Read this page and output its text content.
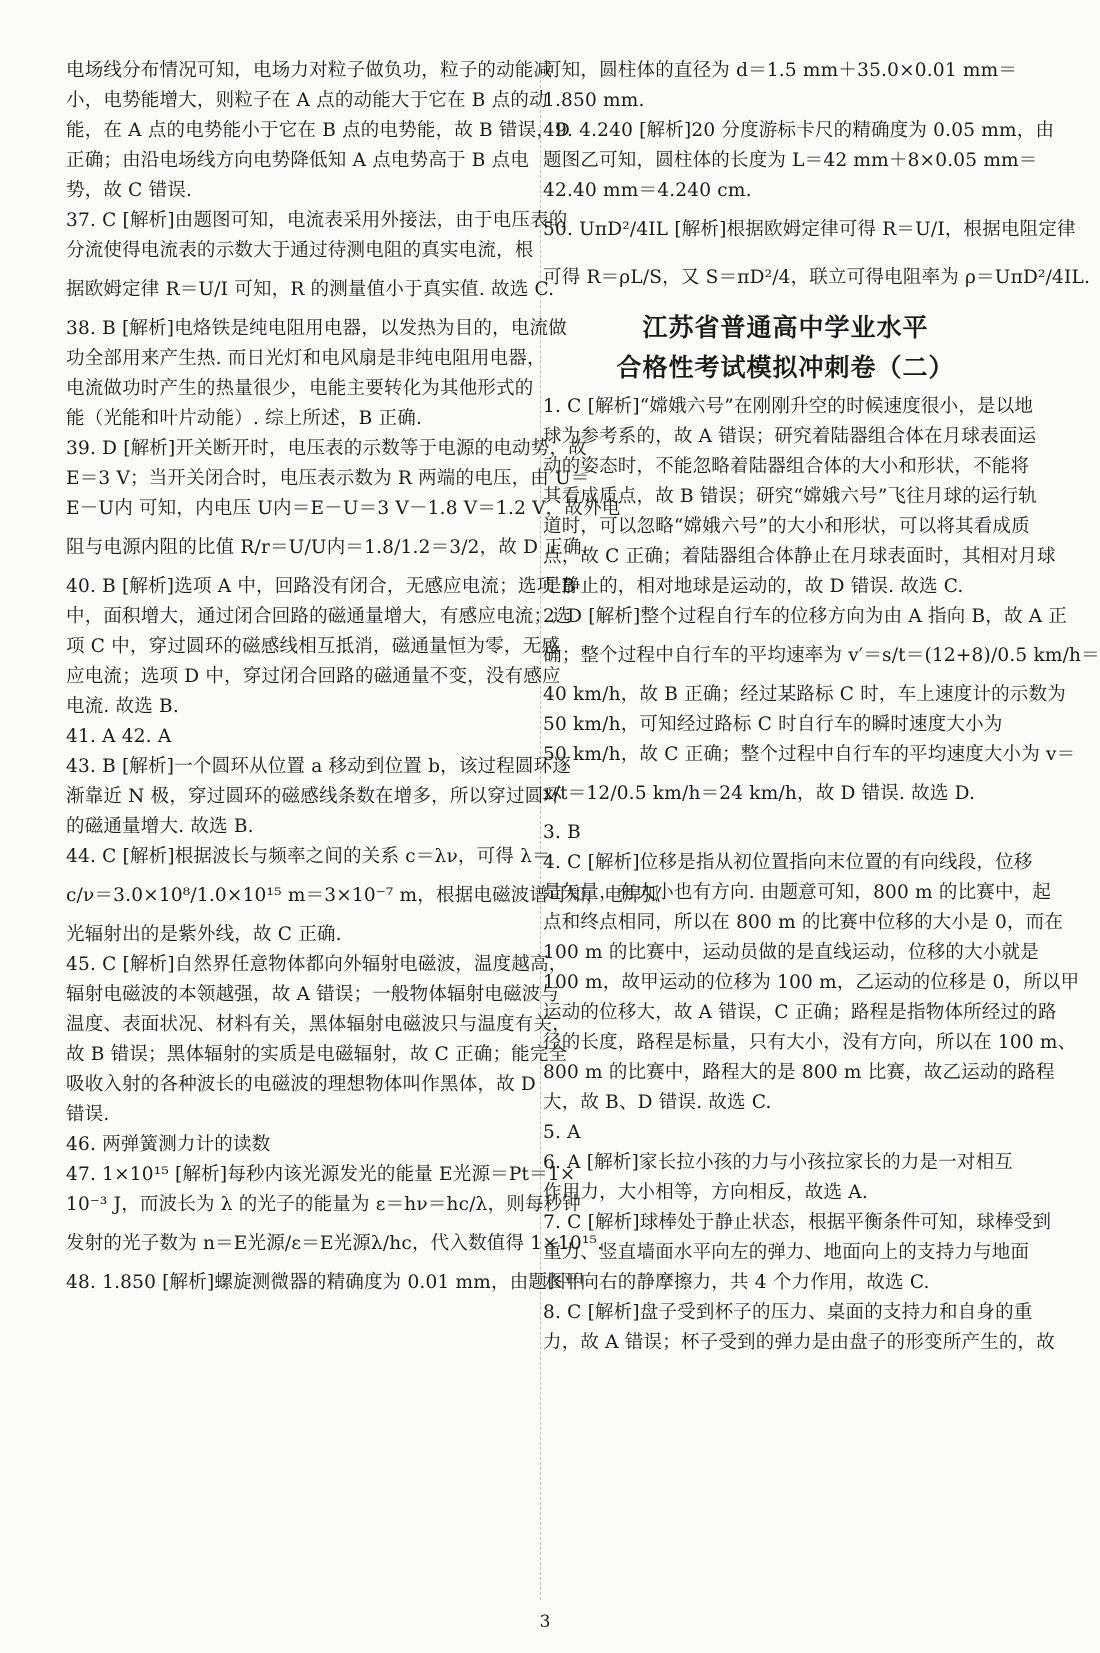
电场线分布情况可知，电场力对粒子做负功，粒子的动能减
小，电势能增大，则粒子在 A 点的动能大于它在 B 点的动
能，在 A 点的电势能小于它在 B 点的电势能，故 B 错误，D
正确；由沿电场线方向电势降低知 A 点电势高于 B 点电
势，故 C 错误.
37. C [解析]由题图可知，电流表采用外接法，由于电压表的
分流使得电流表的示数大于通过待测电阻的真实电流，根
据欧姆定律 R＝U/I 可知，R 的测量值小于真实值. 故选 C.
38. B [解析]电烙铁是纯电阻用电器，以发热为目的，电流做
功全部用来产生热. 而日光灯和电风扇是非纯电阻用电器，
电流做功时产生的热量很少，电能主要转化为其他形式的
能（光能和叶片动能）. 综上所述，B 正确.
39. D [解析]开关断开时，电压表的示数等于电源的电动势，故
E＝3 V；当开关闭合时，电压表示数为 R 两端的电压，由 U＝
E－U内 可知，内电压 U内＝E－U＝3 V－1.8 V＝1.2 V，故外电
阻与电源内阻的比值 R/r＝U/U内＝1.8/1.2＝3/2，故 D 正确.
40. B [解析]选项 A 中，回路没有闭合，无感应电流；选项 B
中，面积增大，通过闭合回路的磁通量增大，有感应电流；选
项 C 中，穿过圆环的磁感线相互抵消，磁通量恒为零，无感
应电流；选项 D 中，穿过闭合回路的磁通量不变，没有感应
电流. 故选 B.
41. A 42. A
43. B [解析]一个圆环从位置 a 移动到位置 b，该过程圆环逐
渐靠近 N 极，穿过圆环的磁感线条数在增多，所以穿过圆环
的磁通量增大. 故选 B.
44. C [解析]根据波长与频率之间的关系 c＝λν，可得 λ＝
c/ν＝3.0×10⁸/1.0×10¹⁵ m＝3×10⁻⁷ m，根据电磁波谱可知，电焊弧
光辐射出的是紫外线，故 C 正确.
45. C [解析]自然界任意物体都向外辐射电磁波，温度越高，
辐射电磁波的本领越强，故 A 错误；一般物体辐射电磁波与
温度、表面状况、材料有关，黑体辐射电磁波只与温度有关，
故 B 错误；黑体辐射的实质是电磁辐射，故 C 正确；能完全
吸收入射的各种波长的电磁波的理想物体叫作黑体，故 D
错误.
46. 两弹簧测力计的读数
47. 1×10¹⁵ [解析]每秒内该光源发光的能量 E光源＝Pt＝1×
10⁻³ J，而波长为 λ 的光子的能量为 ε＝hν＝hc/λ，则每秒钟
发射的光子数为 n＝E光源/ε＝E光源λ/hc，代入数值得 1×10¹⁵.
48. 1.850 [解析]螺旋测微器的精确度为 0.01 mm，由题图甲
可知，圆柱体的直径为 d＝1.5 mm＋35.0×0.01 mm＝
1.850 mm.
49. 4.240 [解析]20 分度游标卡尺的精确度为 0.05 mm，由
题图乙可知，圆柱体的长度为 L＝42 mm＋8×0.05 mm＝
42.40 mm＝4.240 cm.
50. UπD²/4IL [解析]根据欧姆定律可得 R＝U/I，根据电阻定律
可得 R＝ρL/S，又 S＝πD²/4，联立可得电阻率为 ρ＝UπD²/4IL.
江苏省普通高中学业水平
合格性考试模拟冲刺卷（二）
1. C [解析]“嫦娥六号”在刚刚升空的时候速度很小，是以地
球为参考系的，故 A 错误；研究着陆器组合体在月球表面运
动的姿态时，不能忽略着陆器组合体的大小和形状，不能将
其看成质点，故 B 错误；研究“嫦娥六号”飞往月球的运行轨
道时，可以忽略“嫦娥六号”的大小和形状，可以将其看成质
点，故 C 正确；着陆器组合体静止在月球表面时，其相对月球
是静止的，相对地球是运动的，故 D 错误. 故选 C.
2. D [解析]整个过程自行车的位移方向为由 A 指向 B，故 A 正
确；整个过程中自行车的平均速率为 v′＝s/t＝(12+8)/0.5 km/h＝
40 km/h，故 B 正确；经过某路标 C 时，车上速度计的示数为
50 km/h，可知经过路标 C 时自行车的瞬时速度大小为
50 km/h，故 C 正确；整个过程中自行车的平均速度大小为 v＝
x/t＝12/0.5 km/h＝24 km/h，故 D 错误. 故选 D.
3. B
4. C [解析]位移是指从初位置指向末位置的有向线段，位移
是矢量，有大小也有方向. 由题意可知，800 m 的比赛中，起
点和终点相同，所以在 800 m 的比赛中位移的大小是 0，而在
100 m 的比赛中，运动员做的是直线运动，位移的大小就是
100 m，故甲运动的位移为 100 m，乙运动的位移是 0，所以甲
运动的位移大，故 A 错误，C 正确；路程是指物体所经过的路
径的长度，路程是标量，只有大小，没有方向，所以在 100 m、
800 m 的比赛中，路程大的是 800 m 比赛，故乙运动的路程
大，故 B、D 错误. 故选 C.
5. A
6. A [解析]家长拉小孩的力与小孩拉家长的力是一对相互
作用力，大小相等，方向相反，故选 A.
7. C [解析]球棒处于静止状态，根据平衡条件可知，球棒受到
重力、竖直墙面水平向左的弹力、地面向上的支持力与地面
水平向右的静摩擦力，共 4 个力作用，故选 C.
8. C [解析]盘子受到杯子的压力、桌面的支持力和自身的重
力，故 A 错误；杯子受到的弹力是由盘子的形变所产生的，故
3
